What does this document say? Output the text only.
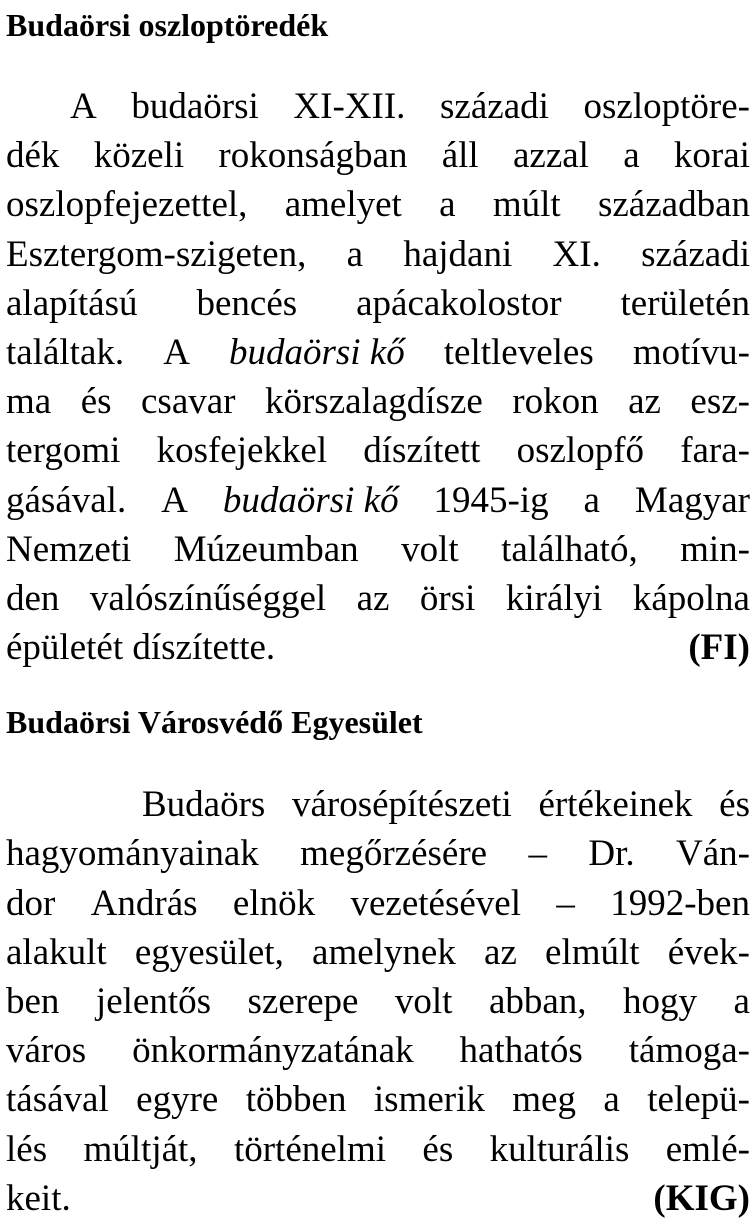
Budaörsi oszloptöredék
A budaörsi XI-XII. századi oszloptöre-
dék közeli rokonságban áll azzal a korai
oszlopfejezettel, amelyet a múlt században
Esztergom-szigeten, a hajdani XI. századi
alapítású bencés apácakolostor területén
találtak. A budaörsi kő teltleveles motívu-
ma és csavar körszalagdísze rokon az esz-
tergomi kosfejekkel díszített oszlopfő fara-
gásával. A budaörsi kő 1945-ig a Magyar
Nemzeti Múzeumban volt található, min-
den valószínűséggel az örsi királyi kápolna
épületét díszítette.	(FI)
Budaörsi Városvédő Egyesület
Budaörs városépítészeti értékeinek és
hagyományainak megőrzésére – Dr. Ván-
dor András elnök vezetésével – 1992-ben
alakult egyesület, amelynek az elmúlt évek-
ben jelentős szerepe volt abban, hogy a
város önkormányzatának hathatós támoga-
tásával egyre többen ismerik meg a telepü-
lés múltját, történelmi és kulturális emlé-
keit.	(KIG)
